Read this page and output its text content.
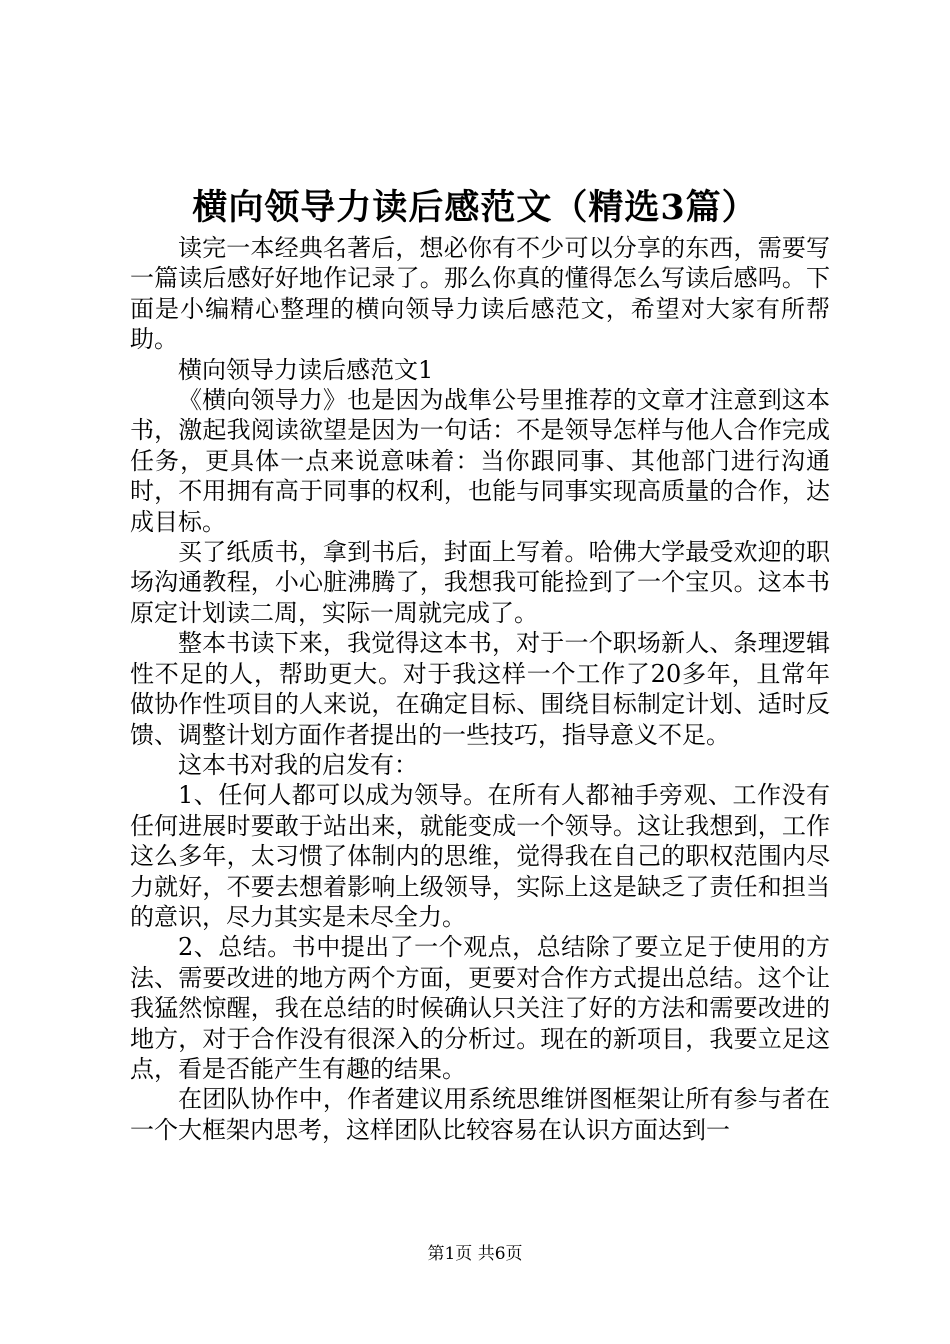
横向领导力读后感范文（精选3篇）

读完一本经典名著后，想必你有不少可以分享的东西，需要写一篇读后感好好地作记录了。那么你真的懂得怎么写读后感吗。下面是小编精心整理的横向领导力读后感范文，希望对大家有所帮助。

横向领导力读后感范文1

《横向领导力》也是因为战隼公号里推荐的文章才注意到这本书，激起我阅读欲望是因为一句话：不是领导怎样与他人合作完成任务，更具体一点来说意味着：当你跟同事、其他部门进行沟通时，不用拥有高于同事的权利，也能与同事实现高质量的合作，达成目标。

买了纸质书，拿到书后，封面上写着。哈佛大学最受欢迎的职场沟通教程，小心脏沸腾了，我想我可能捡到了一个宝贝。这本书原定计划读二周，实际一周就完成了。

整本书读下来，我觉得这本书，对于一个职场新人、条理逻辑性不足的人，帮助更大。对于我这样一个工作了20多年，且常年做协作性项目的人来说，在确定目标、围绕目标制定计划、适时反馈、调整计划方面作者提出的一些技巧，指导意义不足。

这本书对我的启发有：

1、任何人都可以成为领导。在所有人都袖手旁观、工作没有任何进展时要敢于站出来，就能变成一个领导。这让我想到，工作这么多年，太习惯了体制内的思维，觉得我在自己的职权范围内尽力就好，不要去想着影响上级领导，实际上这是缺乏了责任和担当的意识，尽力其实是未尽全力。

2、总结。书中提出了一个观点，总结除了要立足于使用的方法、需要改进的地方两个方面，更要对合作方式提出总结。这个让我猛然惊醒，我在总结的时候确认只关注了好的方法和需要改进的地方，对于合作没有很深入的分析过。现在的新项目，我要立足这点，看是否能产生有趣的结果。

在团队协作中，作者建议用系统思维饼图框架让所有参与者在一个大框架内思考，这样团队比较容易在认识方面达到一

第1页 共6页
